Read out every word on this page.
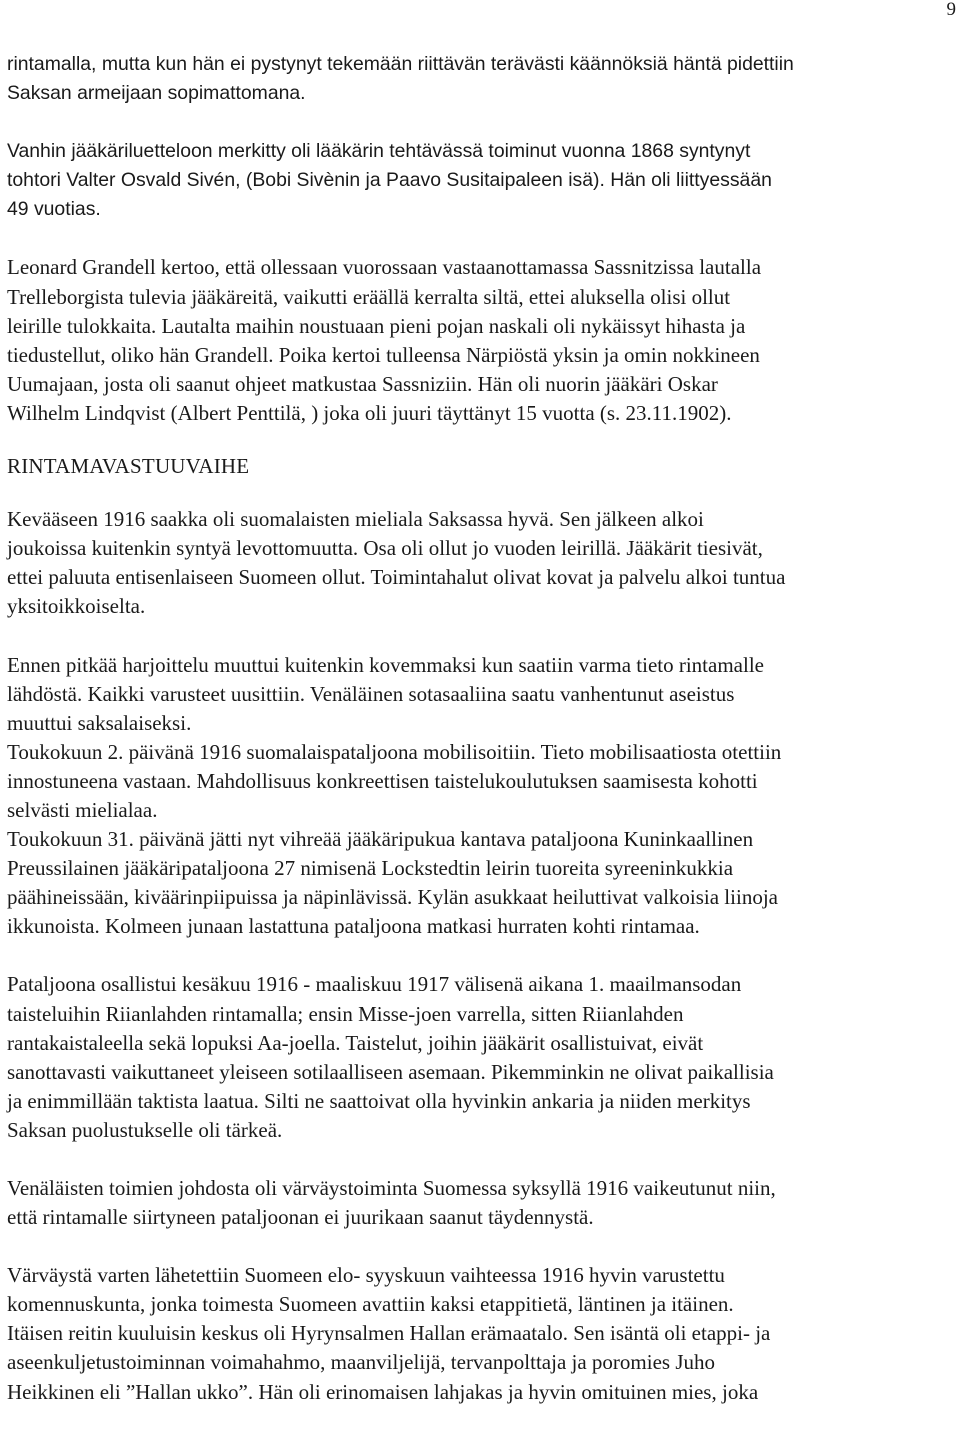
9

rintamalla, mutta kun hän ei pystynyt tekemään riittävän terävästi käännöksiä häntä pidettiin
Saksan armeijaan sopimattomana.

Vanhin jääkäriluetteloon merkitty oli lääkärin tehtävässä toiminut vuonna 1868 syntynyt
tohtori Valter Osvald Sivén, (Bobi Sivènin ja Paavo Susitaipaleen isä). Hän oli liittyessään
49 vuotias.

Leonard Grandell kertoo, että ollessaan vuorossaan vastaanottamassa Sassnitzissa lautalla
Trelleborgista tulevia jääkäreitä, vaikutti eräällä kerralta siltä, ettei aluksella olisi ollut
leirille tulokkaita. Lautalta maihin noustuaan pieni pojan naskali oli nykäissyt hihasta ja
tiedustellut, oliko hän Grandell. Poika kertoi tulleensa Närpiöstä yksin ja omin nokkineen
Uumajaan, josta oli saanut ohjeet matkustaa Sassniziin. Hän oli nuorin jääkäri Oskar
Wilhelm Lindqvist (Albert Penttilä, ) joka oli juuri täyttänyt 15 vuotta (s. 23.11.1902).

RINTAMAVASTUUVAIHE

Kevääseen 1916 saakka oli suomalaisten mieliala Saksassa hyvä. Sen jälkeen alkoi
joukoissa kuitenkin syntyä levottomuutta. Osa oli ollut jo vuoden leirillä. Jääkärit tiesivät,
ettei paluuta entisenlaiseen Suomeen ollut. Toimintahalut olivat kovat ja palvelu alkoi tuntua
yksitoikkoiselta.

Ennen pitkää harjoittelu muuttui kuitenkin kovemmaksi kun saatiin varma tieto rintamalle
lähdöstä. Kaikki varusteet uusittiin. Venäläinen sotasaaliina saatu vanhentunut aseistus
muuttui saksalaiseksi.
Toukokuun 2. päivänä 1916 suomalaispataljoona mobilisoitiin. Tieto mobilisaatiosta otettiin
innostuneena vastaan. Mahdollisuus konkreettisen taistelukoulutuksen saamisesta kohotti
selvästi mielialaa.
Toukokuun 31. päivänä jätti nyt vihreää jääkäripukua kantava pataljoona Kuninkaallinen
Preussilainen jääkäripataljoona 27 nimisenä Lockstedtin leirin tuoreita syreeninkukkia
päähineissään, kiväärinpiipuissa ja näpinlävissä. Kylän asukkaat heiluttivat valkoisia liinoja
ikkunoista. Kolmeen junaan lastattuna pataljoona matkasi hurraten kohti rintamaa.

Pataljoona osallistui kesäkuu 1916 - maaliskuu 1917 välisenä aikana 1. maailmansodan
taisteluihin Riianlahden rintamalla; ensin Misse-joen varrella, sitten Riianlahden
rantakaistaleella sekä lopuksi Aa-joella. Taistelut, joihin jääkärit osallistuivat, eivät
sanottavasti vaikuttaneet yleiseen sotilaalliseen asemaan. Pikemminkin ne olivat paikallisia
ja enimmillään taktista laatua. Silti ne saattoivat olla hyvinkin ankaria ja niiden merkitys
Saksan puolustukselle oli tärkeä.

Venäläisten toimien johdosta oli värväystoiminta Suomessa syksyllä 1916 vaikeutunut niin,
että rintamalle siirtyneen pataljoonan ei juurikaan saanut täydennystä.

Värväystä varten lähetettiin Suomeen elo- syyskuun vaihteessa 1916 hyvin varustettu
komennuskunta, jonka toimesta Suomeen avattiin kaksi etappitietä, läntinen ja itäinen.
Itäisen reitin kuuluisin keskus oli Hyrynsalmen Hallan erämaatalo. Sen isäntä oli etappi- ja
aseenkuljetustoiminnan voimahahmo, maanviljelijä, tervanpolttaja ja poromies Juho
Heikkinen eli ”Hallan ukko”. Hän oli erinomaisen lahjakas ja hyvin omituinen mies, joka
